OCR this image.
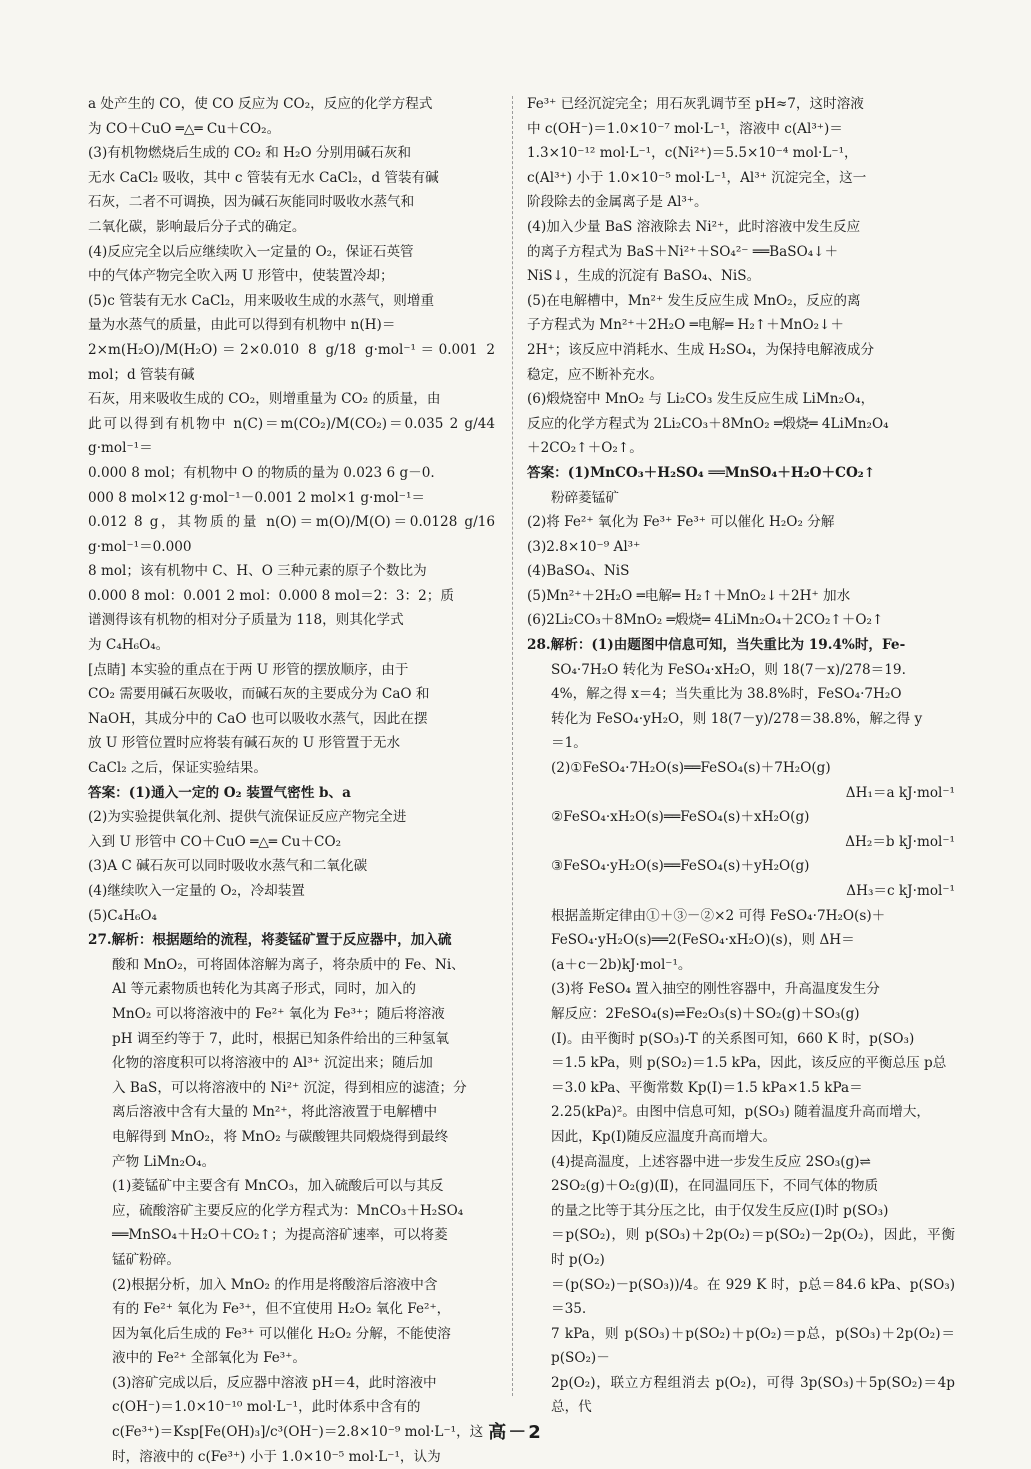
a 处产生的 CO，使 CO 反应为 CO₂，反应的化学方程式

为 CO＋CuO ═△═ Cu＋CO₂。

(3)有机物燃烧后生成的 CO₂ 和 H₂O 分别用碱石灰和

无水 CaCl₂ 吸收，其中 c 管装有无水 CaCl₂，d 管装有碱

石灰，二者不可调换，因为碱石灰能同时吸收水蒸气和

二氧化碳，影响最后分子式的确定。

(4)反应完全以后应继续吹入一定量的 O₂，保证石英管

中的气体产物完全吹入两 U 形管中，使装置冷却；

(5)c 管装有无水 CaCl₂，用来吸收生成的水蒸气，则增重

量为水蒸气的质量，由此可以得到有机物中 n(H)＝

2×m(H₂O)/M(H₂O)＝2×0.010 8 g/18 g·mol⁻¹＝0.001 2 mol；d 管装有碱

石灰，用来吸收生成的 CO₂，则增重量为 CO₂ 的质量，由

此可以得到有机物中 n(C)＝m(CO₂)/M(CO₂)＝0.035 2 g/44 g·mol⁻¹＝

0.000 8 mol；有机物中 O 的物质的量为 0.023 6 g－0.

000 8 mol×12 g·mol⁻¹－0.001 2 mol×1 g·mol⁻¹＝

0.012 8 g，其物质的量 n(O)＝m(O)/M(O)＝0.0128 g/16 g·mol⁻¹＝0.000

8 mol；该有机物中 C、H、O 三种元素的原子个数比为

0.000 8 mol：0.001 2 mol：0.000 8 mol＝2：3：2；质

谱测得该有机物的相对分子质量为 118，则其化学式

为 C₄H₆O₄。

[点睛] 本实验的重点在于两 U 形管的摆放顺序，由于

CO₂ 需要用碱石灰吸收，而碱石灰的主要成分为 CaO 和

NaOH，其成分中的 CaO 也可以吸收水蒸气，因此在摆

放 U 形管位置时应将装有碱石灰的 U 形管置于无水

CaCl₂ 之后，保证实验结果。

答案：(1)通入一定的 O₂ 装置气密性 b、a

(2)为实验提供氧化剂、提供气流保证反应产物完全进

入到 U 形管中 CO＋CuO ═△═ Cu＋CO₂

(3)A C 碱石灰可以同时吸收水蒸气和二氧化碳

(4)继续吹入一定量的 O₂，冷却装置

(5)C₄H₆O₄

27.解析：根据题给的流程，将菱锰矿置于反应器中，加入硫

酸和 MnO₂，可将固体溶解为离子，将杂质中的 Fe、Ni、

Al 等元素物质也转化为其离子形式，同时，加入的

MnO₂ 可以将溶液中的 Fe²⁺ 氧化为 Fe³⁺；随后将溶液

pH 调至约等于 7，此时，根据已知条件给出的三种氢氧

化物的溶度积可以将溶液中的 Al³⁺ 沉淀出来；随后加

入 BaS，可以将溶液中的 Ni²⁺ 沉淀，得到相应的滤渣；分

离后溶液中含有大量的 Mn²⁺，将此溶液置于电解槽中

电解得到 MnO₂，将 MnO₂ 与碳酸锂共同煅烧得到最终

产物 LiMn₂O₄。

(1)菱锰矿中主要含有 MnCO₃，加入硫酸后可以与其反

应，硫酸溶矿主要反应的化学方程式为：MnCO₃＋H₂SO₄

══MnSO₄＋H₂O＋CO₂↑；为提高溶矿速率，可以将菱

锰矿粉碎。

(2)根据分析，加入 MnO₂ 的作用是将酸溶后溶液中含

有的 Fe²⁺ 氧化为 Fe³⁺，但不宜使用 H₂O₂ 氧化 Fe²⁺，

因为氧化后生成的 Fe³⁺ 可以催化 H₂O₂ 分解，不能使溶

液中的 Fe²⁺ 全部氧化为 Fe³⁺。

(3)溶矿完成以后，反应器中溶液 pH＝4，此时溶液中

c(OH⁻)＝1.0×10⁻¹⁰ mol·L⁻¹，此时体系中含有的

c(Fe³⁺)＝Ksp[Fe(OH)₃]/c³(OH⁻)＝2.8×10⁻⁹ mol·L⁻¹，这

时，溶液中的 c(Fe³⁺) 小于 1.0×10⁻⁵ mol·L⁻¹，认为

Fe³⁺ 已经沉淀完全；用石灰乳调节至 pH≈7，这时溶液

中 c(OH⁻)＝1.0×10⁻⁷ mol·L⁻¹，溶液中 c(Al³⁺)＝

1.3×10⁻¹² mol·L⁻¹，c(Ni²⁺)＝5.5×10⁻⁴ mol·L⁻¹，

c(Al³⁺) 小于 1.0×10⁻⁵ mol·L⁻¹，Al³⁺ 沉淀完全，这一

阶段除去的金属离子是 Al³⁺。

(4)加入少量 BaS 溶液除去 Ni²⁺，此时溶液中发生反应

的离子方程式为 BaS＋Ni²⁺＋SO₄²⁻ ══BaSO₄↓＋

NiS↓，生成的沉淀有 BaSO₄、NiS。

(5)在电解槽中，Mn²⁺ 发生反应生成 MnO₂，反应的离

子方程式为 Mn²⁺＋2H₂O ═电解═ H₂↑＋MnO₂↓＋

2H⁺；该反应中消耗水、生成 H₂SO₄，为保持电解液成分

稳定，应不断补充水。

(6)煅烧窑中 MnO₂ 与 Li₂CO₃ 发生反应生成 LiMn₂O₄，

反应的化学方程式为 2Li₂CO₃＋8MnO₂ ═煅烧═ 4LiMn₂O₄

＋2CO₂↑＋O₂↑。

答案：(1)MnCO₃＋H₂SO₄ ══MnSO₄＋H₂O＋CO₂↑

粉碎菱锰矿

(2)将 Fe²⁺ 氧化为 Fe³⁺ Fe³⁺ 可以催化 H₂O₂ 分解

(3)2.8×10⁻⁹ Al³⁺

(4)BaSO₄、NiS

(5)Mn²⁺＋2H₂O ═电解═ H₂↑＋MnO₂↓＋2H⁺ 加水

(6)2Li₂CO₃＋8MnO₂ ═煅烧═ 4LiMn₂O₄＋2CO₂↑＋O₂↑

28.解析：(1)由题图中信息可知，当失重比为 19.4%时，Fe-

SO₄·7H₂O 转化为 FeSO₄·xH₂O，则 18(7－x)/278＝19.

4%，解之得 x＝4；当失重比为 38.8%时，FeSO₄·7H₂O

转化为 FeSO₄·yH₂O，则 18(7－y)/278＝38.8%，解之得 y

＝1。

(2)①FeSO₄·7H₂O(s)══FeSO₄(s)＋7H₂O(g)

ΔH₁＝a kJ·mol⁻¹

②FeSO₄·xH₂O(s)══FeSO₄(s)＋xH₂O(g)

ΔH₂＝b kJ·mol⁻¹

③FeSO₄·yH₂O(s)══FeSO₄(s)＋yH₂O(g)

ΔH₃＝c kJ·mol⁻¹

根据盖斯定律由①＋③－②×2 可得 FeSO₄·7H₂O(s)＋

FeSO₄·yH₂O(s)══2(FeSO₄·xH₂O)(s)，则 ΔH＝

(a＋c－2b)kJ·mol⁻¹。

(3)将 FeSO₄ 置入抽空的刚性容器中，升高温度发生分

解反应：2FeSO₄(s)⇌Fe₂O₃(s)＋SO₂(g)＋SO₃(g)

(Ⅰ)。由平衡时 p(SO₃)-T 的关系图可知，660 K 时，p(SO₃)

＝1.5 kPa，则 p(SO₂)＝1.5 kPa，因此，该反应的平衡总压 p总

＝3.0 kPa、平衡常数 Kp(Ⅰ)＝1.5 kPa×1.5 kPa＝

2.25(kPa)²。由图中信息可知，p(SO₃) 随着温度升高而增大，

因此，Kp(Ⅰ)随反应温度升高而增大。

(4)提高温度，上述容器中进一步发生反应 2SO₃(g)⇌

2SO₂(g)＋O₂(g)(Ⅱ)，在同温同压下，不同气体的物质

的量之比等于其分压之比，由于仅发生反应(Ⅰ)时 p(SO₃)

＝p(SO₂)，则 p(SO₃)＋2p(O₂)＝p(SO₂)－2p(O₂)，因此，平衡时 p(O₂)

＝(p(SO₂)－p(SO₃))/4。在 929 K 时，p总＝84.6 kPa、p(SO₃)＝35.

7 kPa，则 p(SO₃)＋p(SO₂)＋p(O₂)＝p总，p(SO₃)＋2p(O₂)＝p(SO₂)－

2p(O₂)，联立方程组消去 p(O₂)，可得 3p(SO₃)＋5p(SO₂)＝4p总，代

高－2
